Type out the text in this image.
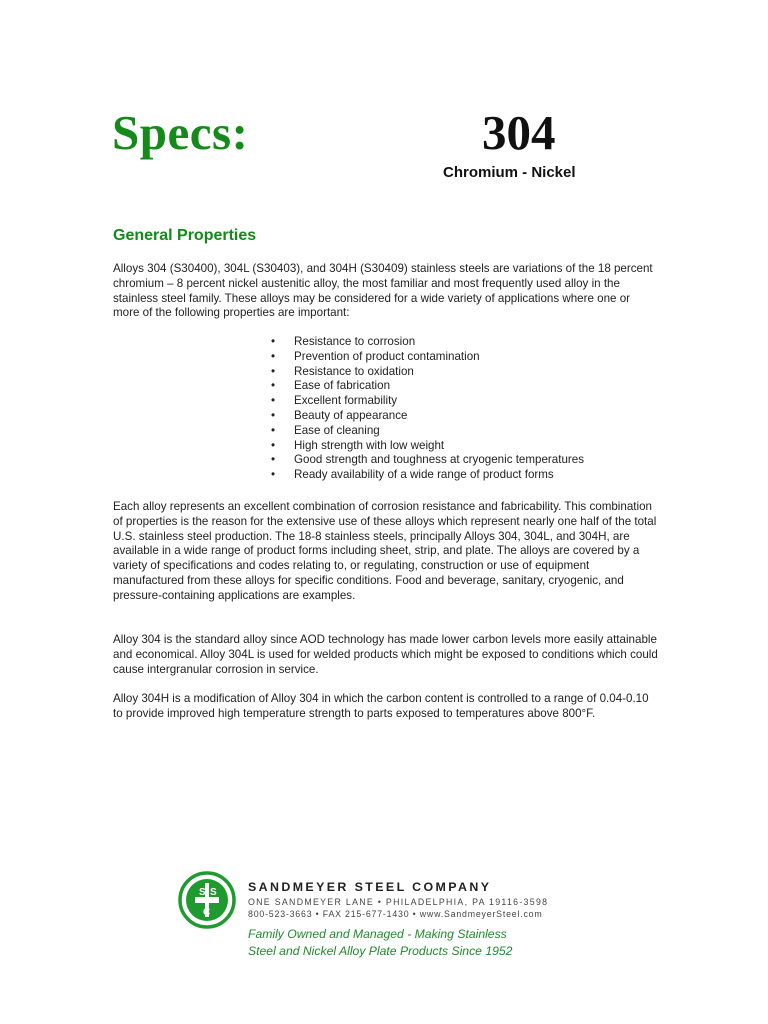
Specs:	304
Chromium - Nickel
General Properties

Alloys 304 (S30400), 304L (S30403), and 304H (S30409) stainless steels are variations of the 18 percent chromium – 8 percent nickel austenitic alloy, the most familiar and most frequently used alloy in the stainless steel family. These alloys may be considered for a wide variety of applications where one or more of the following properties are important:

• Resistance to corrosion
• Prevention of product contamination
• Resistance to oxidation
• Ease of fabrication
• Excellent formability
• Beauty of appearance
• Ease of cleaning
• High strength with low weight
• Good strength and toughness at cryogenic temperatures
• Ready availability of a wide range of product forms

Each alloy represents an excellent combination of corrosion resistance and fabricability. This combination of properties is the reason for the extensive use of these alloys which represent nearly one half of the total U.S. stainless steel production. The 18-8 stainless steels, principally Alloys 304, 304L, and 304H, are available in a wide range of product forms including sheet, strip, and plate. The alloys are covered by a variety of specifications and codes relating to, or regulating, construction or use of equipment manufactured from these alloys for specific conditions. Food and beverage, sanitary, cryogenic, and pressure-containing applications are examples.

Alloy 304 is the standard alloy since AOD technology has made lower carbon levels more easily attainable and economical. Alloy 304L is used for welded products which might be exposed to conditions which could cause intergranular corrosion in service.

Alloy 304H is a modification of Alloy 304 in which the carbon content is controlled to a range of 0.04-0.10 to provide improved high temperature strength to parts exposed to temperatures above 800°F.

S S
C
SANDMEYER STEEL COMPANY
ONE SANDMEYER LANE • PHILADELPHIA, PA 19116-3598
800-523-3663 • FAX 215-677-1430 • www.SandmeyerSteel.com
Family Owned and Managed - Making Stainless
Steel and Nickel Alloy Plate Products Since 1952
